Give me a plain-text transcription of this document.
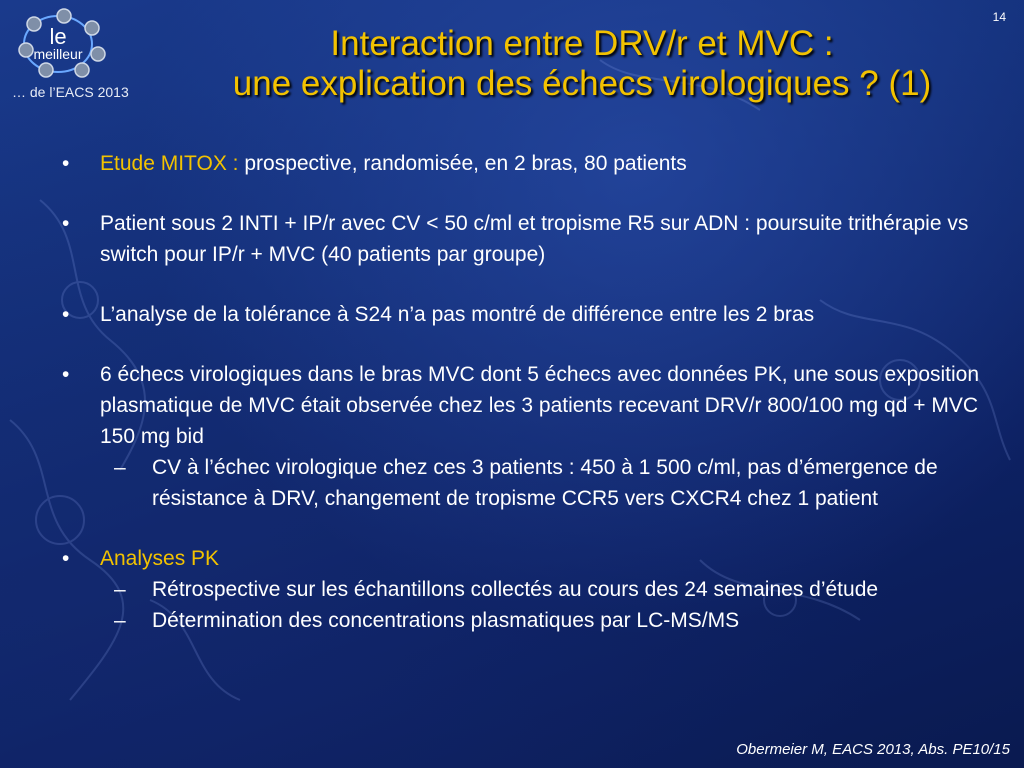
le
meilleur
… de l’EACS 2013
14
Interaction entre DRV/r et MVC :
une explication des échecs virologiques ? (1)
• Etude MITOX : prospective, randomisée, en 2 bras, 80 patients
• Patient sous 2 INTI + IP/r avec CV < 50 c/ml et tropisme R5 sur ADN : poursuite trithérapie vs switch pour IP/r + MVC (40 patients par groupe)
• L’analyse de la tolérance à S24 n’a pas montré de différence entre les 2 bras
• 6 échecs virologiques dans le bras MVC dont 5 échecs avec données PK, une sous exposition plasmatique de MVC était observée chez les 3 patients recevant DRV/r 800/100 mg qd + MVC 150 mg bid
– CV à l’échec virologique chez ces 3 patients : 450 à 1 500 c/ml, pas d’émergence de résistance à DRV, changement de tropisme CCR5 vers CXCR4 chez 1 patient
• Analyses PK
– Rétrospective sur les échantillons collectés au cours des 24 semaines d’étude
– Détermination des concentrations plasmatiques par LC-MS/MS
Obermeier M, EACS 2013, Abs. PE10/15
